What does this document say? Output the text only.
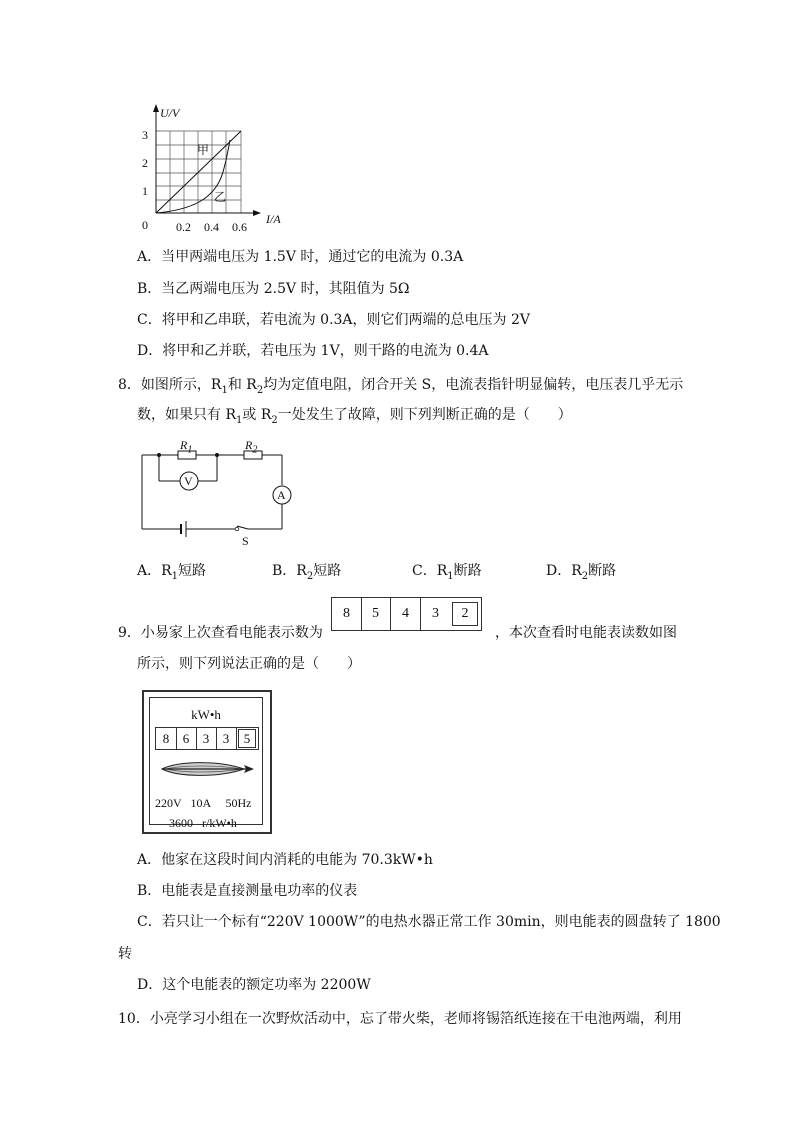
U/V
I/A
3
2
1
0 0.2 0.4 0.6
甲
乙
A．当甲两端电压为 1.5V 时，通过它的电流为 0.3A
B．当乙两端电压为 2.5V 时，其阻值为 5Ω
C．将甲和乙串联，若电流为 0.3A，则它们两端的总电压为 2V
D．将甲和乙并联，若电压为 1V，则干路的电流为 0.4A
8．如图所示，$R_1$和 $R_2$均为定值电阻，闭合开关 S，电流表指针明显偏转，电压表几乎无示
数，如果只有 $R_1$或 $R_2$一处发生了故障，则下列判断正确的是（　　）
$R_1$	$R_2$
V
A
S
A．$R_1$短路	B．$R_2$短路	C．$R_1$断路	D．$R_2$断路
9．小易家上次查看电能表示数为
8	5	4	3	2
，本次查看时电能表读数如图
所示，则下列说法正确的是（　　）
kW•h
8	6	3	3	5
220V   10A     50Hz
3600   r/kW•h
A．他家在这段时间内消耗的电能为 70.3kW•h
B．电能表是直接测量电功率的仪表
C．若只让一个标有“220V 1000W”的电热水器正常工作 30min，则电能表的圆盘转了 1800
转
D．这个电能表的额定功率为 2200W
10．小亮学习小组在一次野炊活动中，忘了带火柴，老师将锡箔纸连接在干电池两端，利用
